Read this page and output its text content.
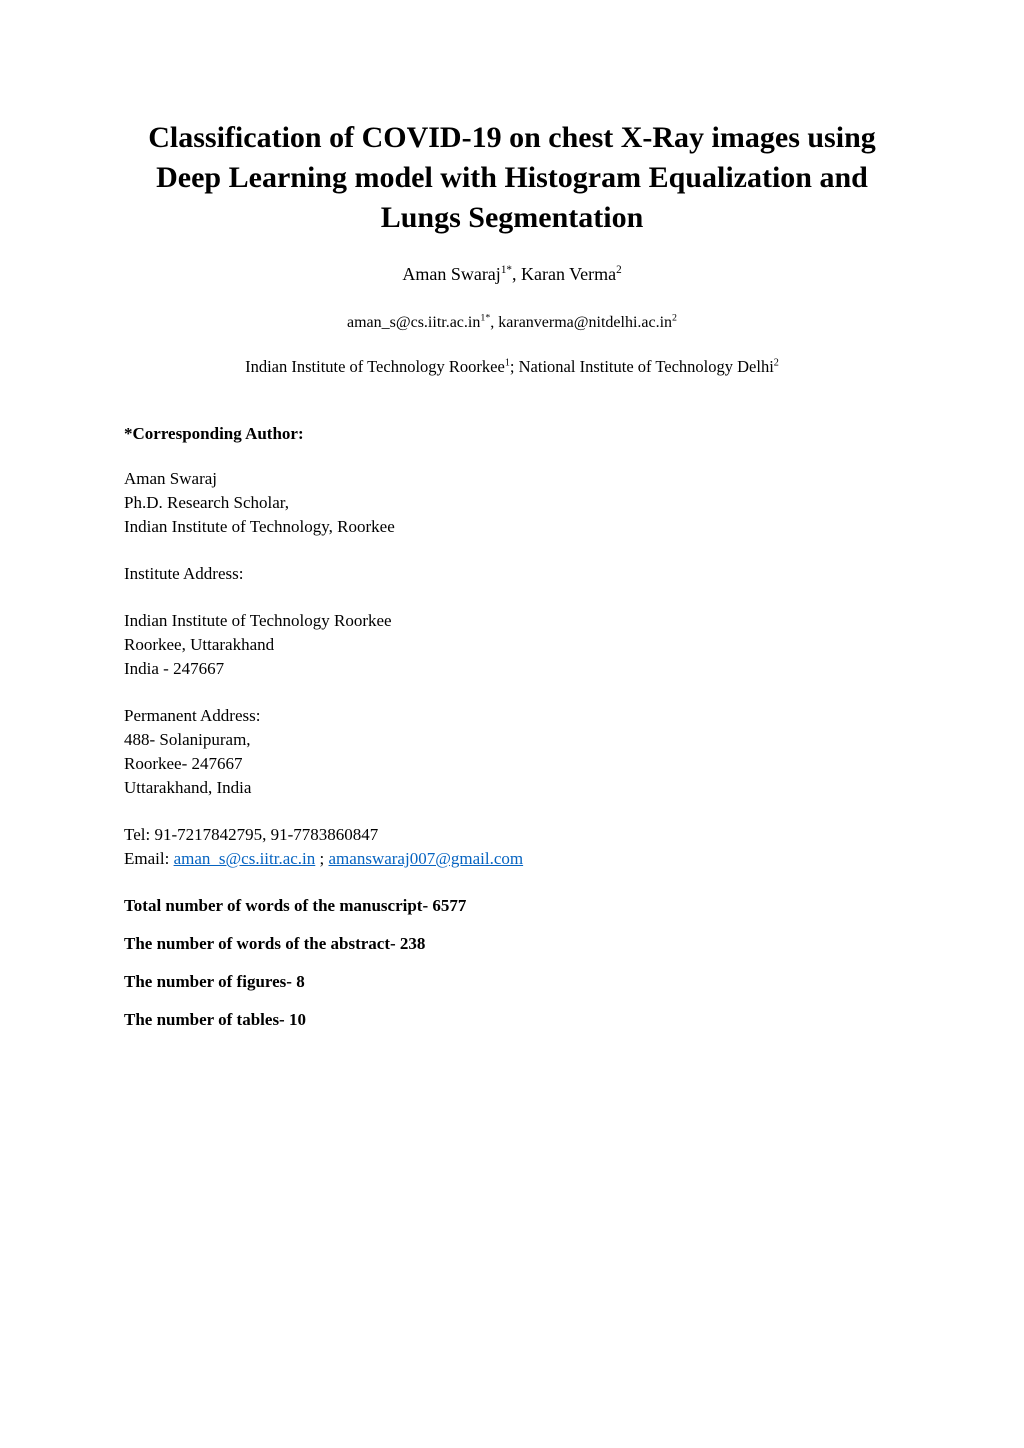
Classification of COVID-19 on chest X-Ray images using Deep Learning model with Histogram Equalization and Lungs Segmentation

Aman Swaraj$^{1*}$, Karan Verma$^2$

$aman\_s@cs.iitr.ac.in^{1*}$, $karanverma@nitdelhi.ac.in^2$

Indian Institute of Technology Roorkee$^1$; National Institute of Technology Delhi$^2$

*Corresponding Author:

Aman Swaraj
Ph.D. Research Scholar,
Indian Institute of Technology, Roorkee

Institute Address:

Indian Institute of Technology Roorkee
Roorkee, Uttarakhand
India - 247667
Permanent Address:
488- Solanipuram,
Roorkee- 247667
Uttarakhand, India
Tel: 91-7217842795, 91-7783860847
Email: aman_s@cs.iitr.ac.in ; amanswaraj007@gmail.com

Total number of words of the manuscript- 6577

The number of words of the abstract- 238

The number of figures- 8

The number of tables- 10
